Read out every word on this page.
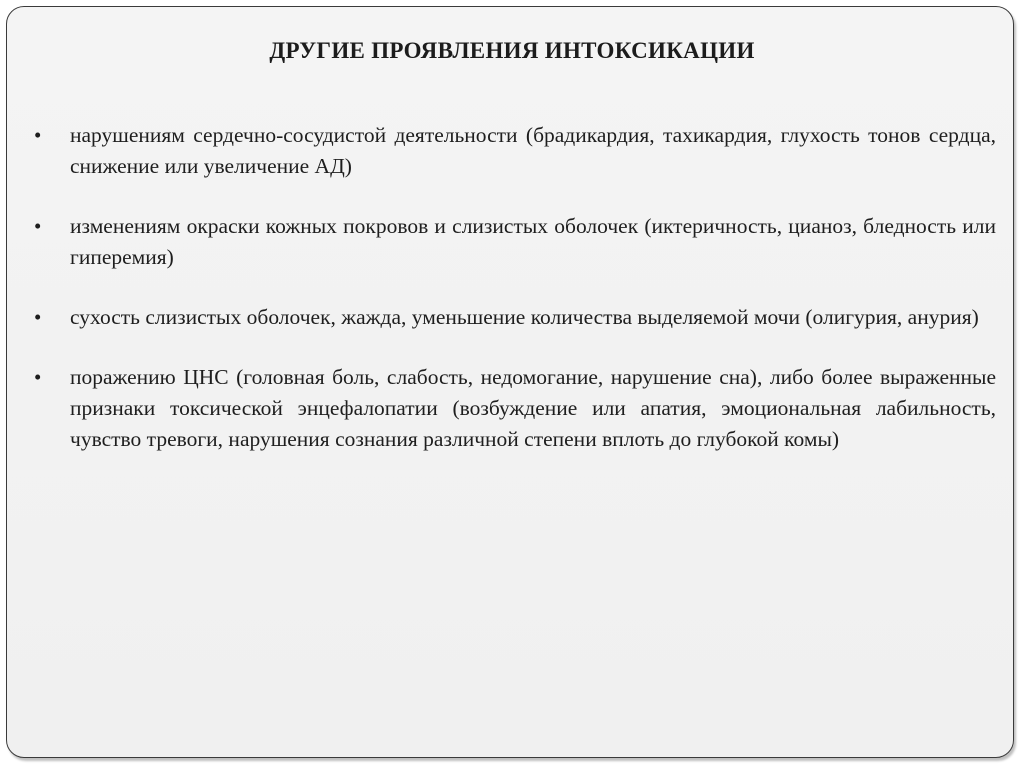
ДРУГИЕ ПРОЯВЛЕНИЯ ИНТОКСИКАЦИИ
•	нарушениям сердечно-сосудистой деятельности (брадикардия, тахикардия, глухость тонов сердца, снижение или увеличение АД)
•	изменениям окраски кожных покровов и слизистых оболочек (иктеричность, цианоз, бледность или гиперемия)
•	сухость слизистых оболочек, жажда, уменьшение количества выделяемой мочи (олигурия, анурия)
•	поражению ЦНС (головная боль, слабость, недомогание, нарушение сна), либо более выраженные признаки токсической энцефалопатии (возбуждение или апатия, эмоциональная лабильность, чувство тревоги, нарушения сознания различной степени вплоть до глубокой комы)
